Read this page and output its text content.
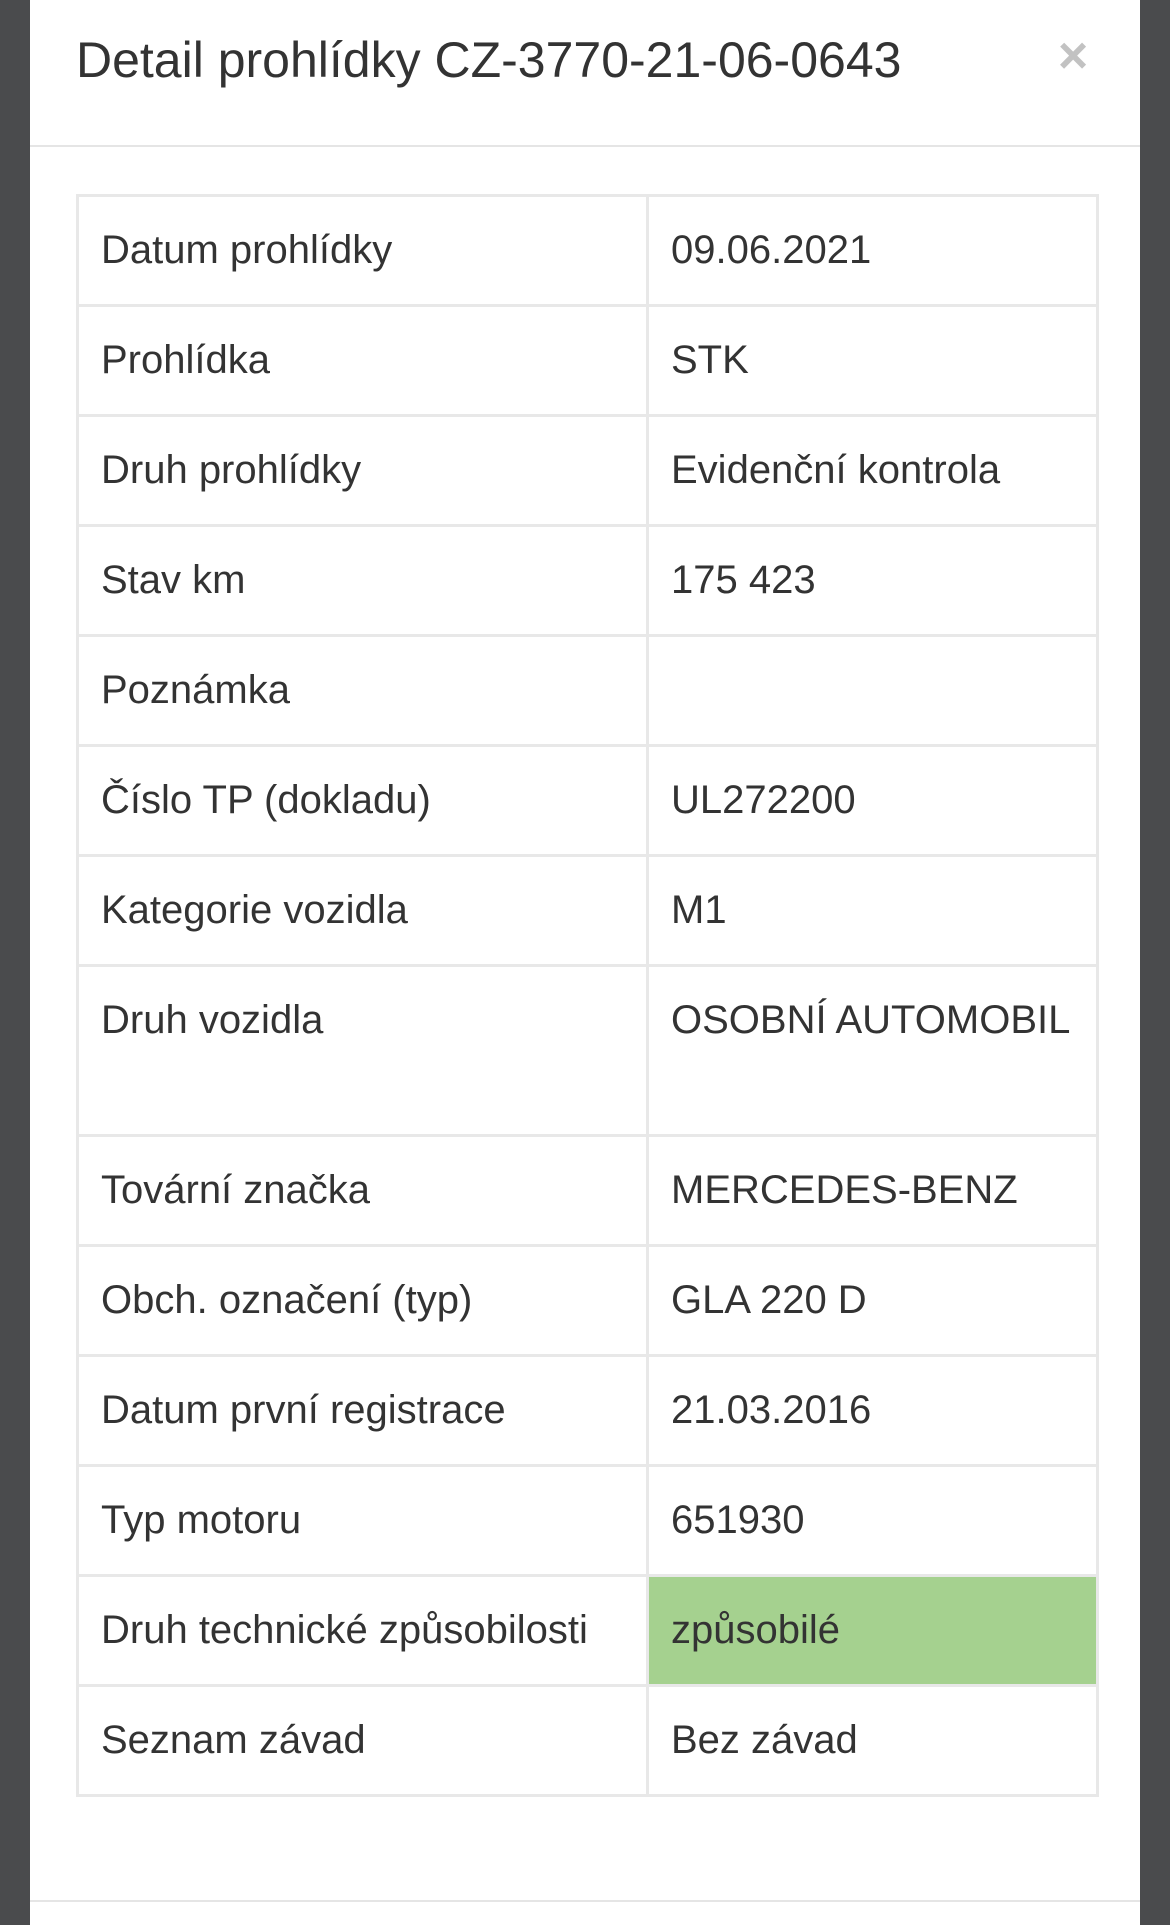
Detail prohlídky CZ-3770-21-06-0643	×
Datum prohlídky	09.06.2021
Prohlídka	STK
Druh prohlídky	Evidenční kontrola
Stav km	175 423
Poznámka	
Číslo TP (dokladu)	UL272200
Kategorie vozidla	M1
Druh vozidla	OSOBNÍ AUTOMOBIL
Tovární značka	MERCEDES-BENZ
Obch. označení (typ)	GLA 220 D
Datum první registrace	21.03.2016
Typ motoru	651930
Druh technické způsobilosti	způsobilé
Seznam závad	Bez závad
